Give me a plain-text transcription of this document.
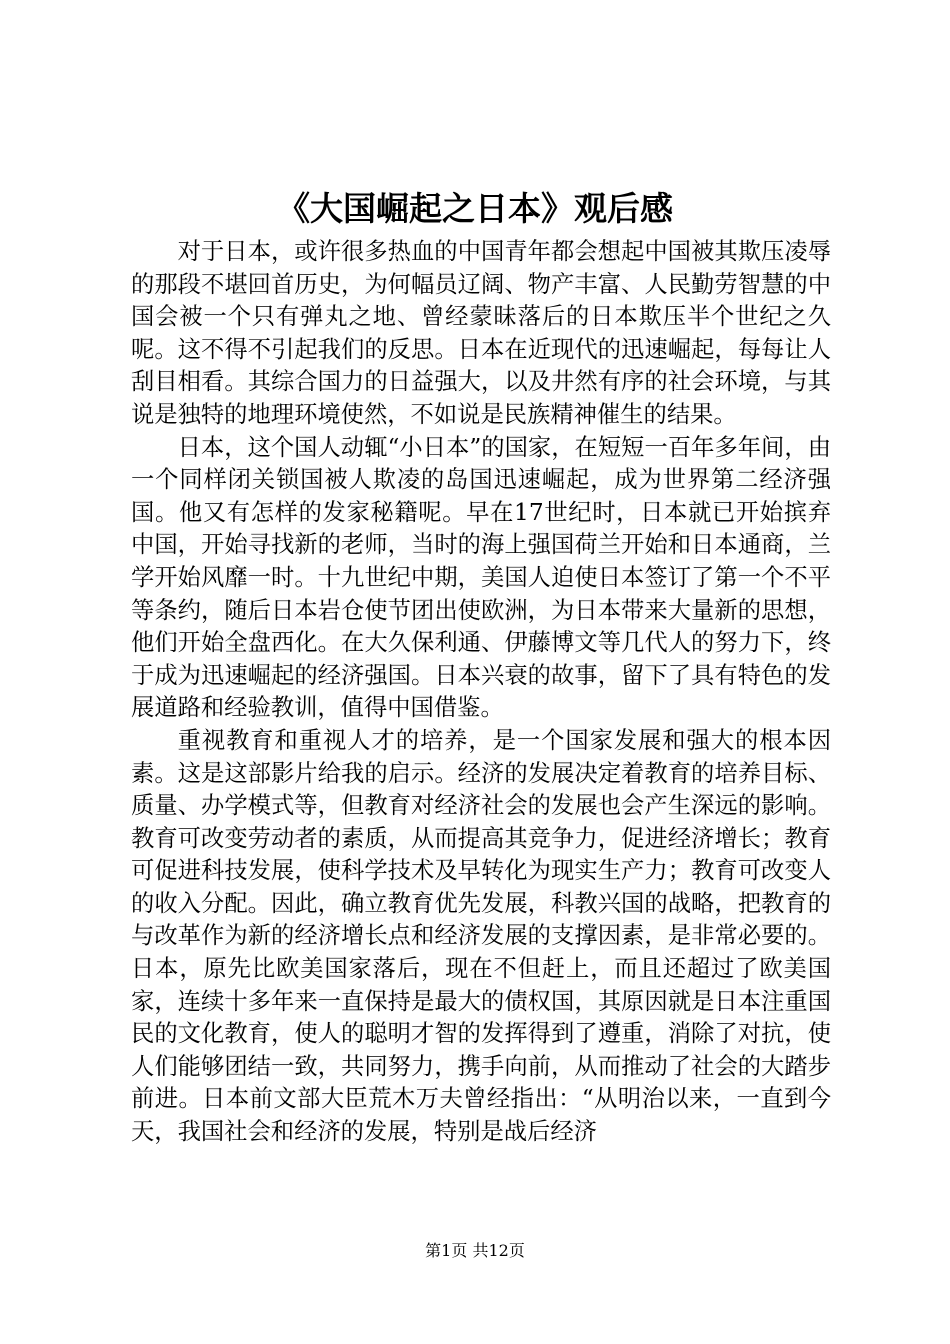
《大国崛起之日本》观后感

对于日本，或许很多热血的中国青年都会想起中国被其欺压凌辱的那段不堪回首历史，为何幅员辽阔、物产丰富、人民勤劳智慧的中国会被一个只有弹丸之地、曾经蒙昧落后的日本欺压半个世纪之久呢。这不得不引起我们的反思。日本在近现代的迅速崛起，每每让人刮目相看。其综合国力的日益强大，以及井然有序的社会环境，与其说是独特的地理环境使然，不如说是民族精神催生的结果。

日本，这个国人动辄“小日本”的国家，在短短一百年多年间，由一个同样闭关锁国被人欺凌的岛国迅速崛起，成为世界第二经济强国。他又有怎样的发家秘籍呢。早在17世纪时，日本就已开始摈弃中国，开始寻找新的老师，当时的海上强国荷兰开始和日本通商，兰学开始风靡一时。十九世纪中期，美国人迫使日本签订了第一个不平等条约，随后日本岩仓使节团出使欧洲，为日本带来大量新的思想，他们开始全盘西化。在大久保利通、伊藤博文等几代人的努力下，终于成为迅速崛起的经济强国。日本兴衰的故事，留下了具有特色的发展道路和经验教训，值得中国借鉴。

重视教育和重视人才的培养，是一个国家发展和强大的根本因素。这是这部影片给我的启示。经济的发展决定着教育的培养目标、质量、办学模式等，但教育对经济社会的发展也会产生深远的影响。教育可改变劳动者的素质，从而提高其竞争力，促进经济增长；教育可促进科技发展，使科学技术及早转化为现实生产力；教育可改变人的收入分配。因此，确立教育优先发展，科教兴国的战略，把教育的与改革作为新的经济增长点和经济发展的支撑因素，是非常必要的。日本，原先比欧美国家落后，现在不但赶上，而且还超过了欧美国家，连续十多年来一直保持是最大的债权国，其原因就是日本注重国民的文化教育，使人的聪明才智的发挥得到了遵重，消除了对抗，使人们能够团结一致，共同努力，携手向前，从而推动了社会的大踏步前进。日本前文部大臣荒木万夫曾经指出：“从明治以来，一直到今天，我国社会和经济的发展，特别是战后经济

第1页 共12页
